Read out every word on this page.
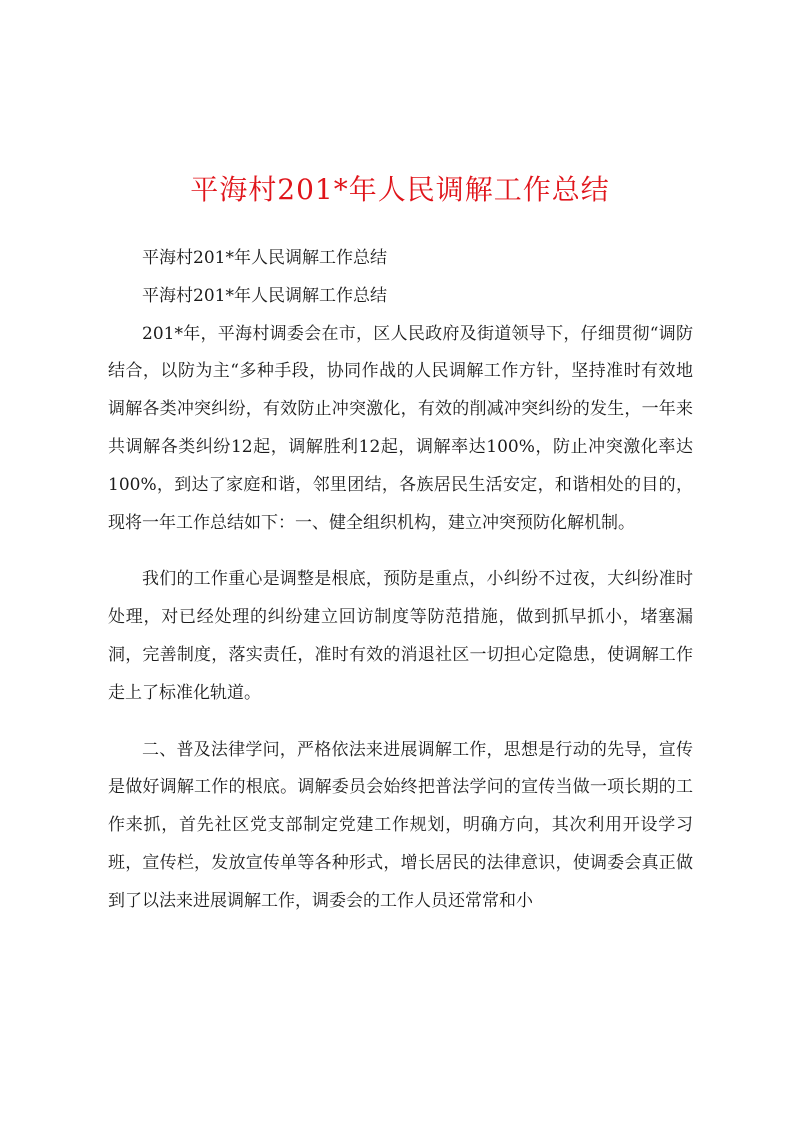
平海村201*年人民调解工作总结

平海村201*年人民调解工作总结

平海村201*年人民调解工作总结

201*年，平海村调委会在市，区人民政府及街道领导下，仔细贯彻“调防结合，以防为主“多种手段，协同作战的人民调解工作方针，坚持准时有效地调解各类冲突纠纷，有效防止冲突激化，有效的削减冲突纠纷的发生，一年来共调解各类纠纷12起，调解胜利12起，调解率达100%，防止冲突激化率达100%，到达了家庭和谐，邻里团结，各族居民生活安定，和谐相处的目的，现将一年工作总结如下：一、健全组织机构，建立冲突预防化解机制。

我们的工作重心是调整是根底，预防是重点，小纠纷不过夜，大纠纷准时处理，对已经处理的纠纷建立回访制度等防范措施，做到抓早抓小，堵塞漏洞，完善制度，落实责任，准时有效的消退社区一切担心定隐患，使调解工作走上了标准化轨道。

二、普及法律学问，严格依法来进展调解工作，思想是行动的先导，宣传是做好调解工作的根底。调解委员会始终把普法学问的宣传当做一项长期的工作来抓，首先社区党支部制定党建工作规划，明确方向，其次利用开设学习班，宣传栏，发放宣传单等各种形式，增长居民的法律意识，使调委会真正做到了以法来进展调解工作，调委会的工作人员还常常和小
